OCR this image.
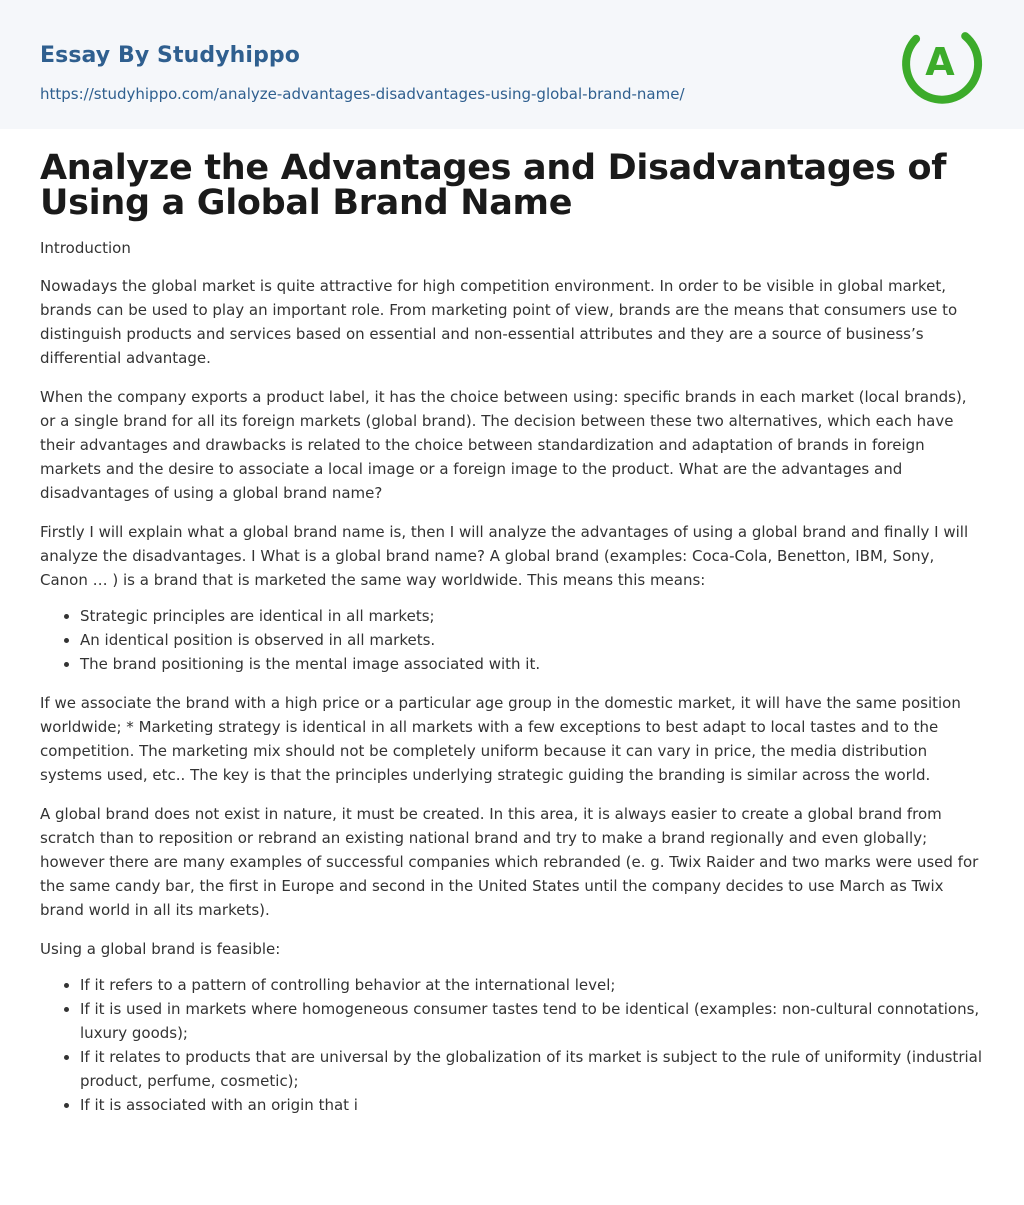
Essay By Studyhippo
https://studyhippo.com/analyze-advantages-disadvantages-using-global-brand-name/
A
Analyze the Advantages and Disadvantages of Using a Global Brand Name
Introduction

Nowadays the global market is quite attractive for high competition environment. In order to be visible in global market, brands can be used to play an important role. From marketing point of view, brands are the means that consumers use to distinguish products and services based on essential and non-essential attributes and they are a source of business’s differential advantage.

When the company exports a product label, it has the choice between using: specific brands in each market (local brands), or a single brand for all its foreign markets (global brand). The decision between these two alternatives, which each have their advantages and drawbacks is related to the choice between standardization and adaptation of brands in foreign markets and the desire to associate a local image or a foreign image to the product. What are the advantages and disadvantages of using a global brand name?

Firstly I will explain what a global brand name is, then I will analyze the advantages of using a global brand and finally I will analyze the disadvantages. I What is a global brand name? A global brand (examples: Coca-Cola, Benetton, IBM, Sony, Canon … ) is a brand that is marketed the same way worldwide. This means this means:

• Strategic principles are identical in all markets;
• An identical position is observed in all markets.
• The brand positioning is the mental image associated with it.

If we associate the brand with a high price or a particular age group in the domestic market, it will have the same position worldwide; * Marketing strategy is identical in all markets with a few exceptions to best adapt to local tastes and to the competition. The marketing mix should not be completely uniform because it can vary in price, the media distribution systems used, etc.. The key is that the principles underlying strategic guiding the branding is similar across the world.

A global brand does not exist in nature, it must be created. In this area, it is always easier to create a global brand from scratch than to reposition or rebrand an existing national brand and try to make a brand regionally and even globally; however there are many examples of successful companies which rebranded (e. g. Twix Raider and two marks were used for the same candy bar, the first in Europe and second in the United States until the company decides to use March as Twix brand world in all its markets).

Using a global brand is feasible:

• If it refers to a pattern of controlling behavior at the international level;
• If it is used in markets where homogeneous consumer tastes tend to be identical (examples: non-cultural connotations, luxury goods);
• If it relates to products that are universal by the globalization of its market is subject to the rule of uniformity (industrial product, perfume, cosmetic);
• If it is associated with an origin that i
